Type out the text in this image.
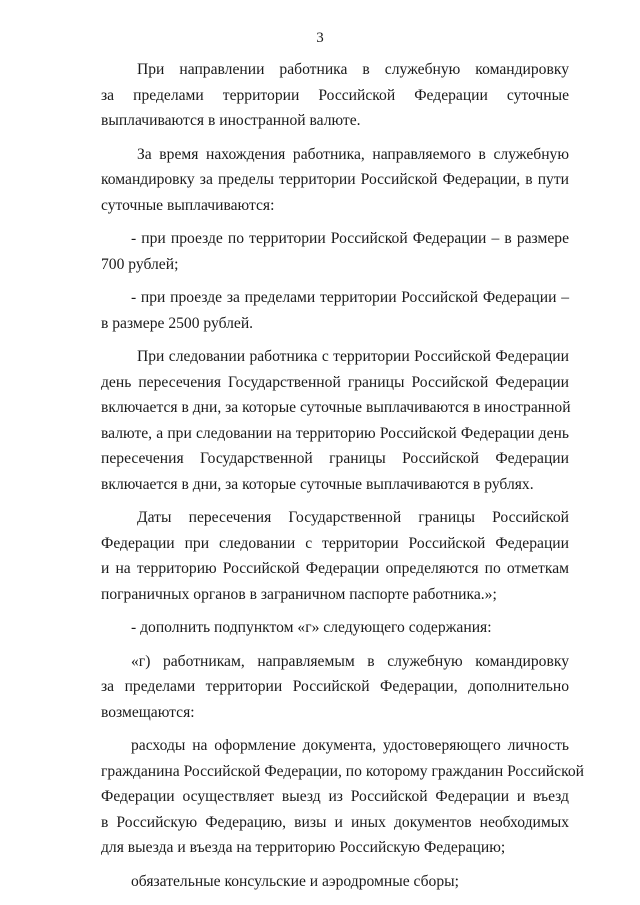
3
При направлении работника в служебную командировку
за пределами территории Российской Федерации суточные
выплачиваются в иностранной валюте.
За время нахождения работника, направляемого в служебную
командировку за пределы территории Российской Федерации, в пути
суточные выплачиваются:
- при проезде по территории Российской Федерации – в размере
700 рублей;
- при проезде за пределами территории Российской Федерации –
в размере 2500 рублей.
При следовании работника с территории Российской Федерации
день пересечения Государственной границы Российской Федерации
включается в дни, за которые суточные выплачиваются в иностранной
валюте, а при следовании на территорию Российской Федерации день
пересечения Государственной границы Российской Федерации
включается в дни, за которые суточные выплачиваются в рублях.
Даты пересечения Государственной границы Российской
Федерации при следовании с территории Российской Федерации
и на территорию Российской Федерации определяются по отметкам
пограничных органов в заграничном паспорте работника.»;
- дополнить подпунктом «г» следующего содержания:
«г) работникам, направляемым в служебную командировку
за пределами территории Российской Федерации, дополнительно
возмещаются:
расходы на оформление документа, удостоверяющего личность
гражданина Российской Федерации, по которому гражданин Российской
Федерации осуществляет выезд из Российской Федерации и въезд
в Российскую Федерацию, визы и иных документов необходимых
для выезда и въезда на территорию Российскую Федерацию;
обязательные консульские и аэродромные сборы;
